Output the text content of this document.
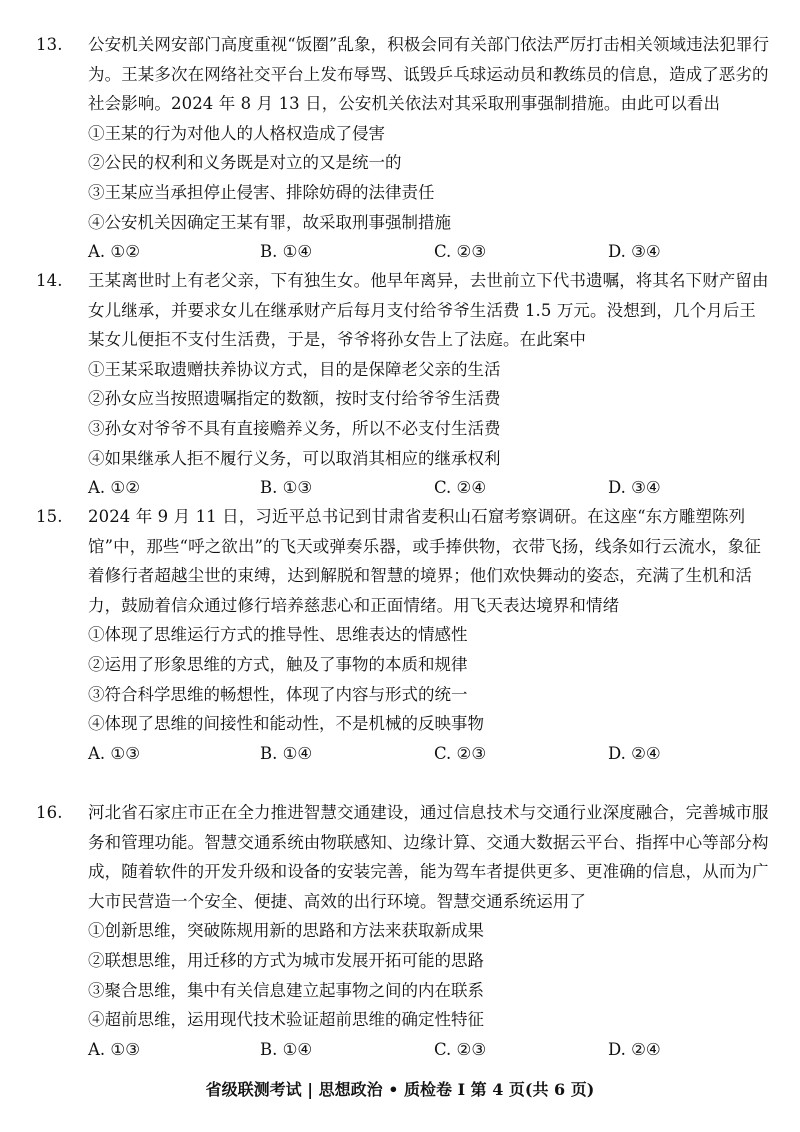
13. 公安机关网安部门高度重视“饭圈”乱象，积极会同有关部门依法严厉打击相关领域违法犯罪行为。王某多次在网络社交平台上发布辱骂、诋毁乒乓球运动员和教练员的信息，造成了恶劣的社会影响。2024 年 8 月 13 日，公安机关依法对其采取刑事强制措施。由此可以看出

①王某的行为对他人的人格权造成了侵害
②公民的权利和义务既是对立的又是统一的
③王某应当承担停止侵害、排除妨碍的法律责任
④公安机关因确定王某有罪，故采取刑事强制措施
A. ①②	B. ①④	C. ②③	D. ③④

14. 王某离世时上有老父亲，下有独生女。他早年离异，去世前立下代书遗嘱，将其名下财产留由女儿继承，并要求女儿在继承财产后每月支付给爷爷生活费 1.5 万元。没想到，几个月后王某女儿便拒不支付生活费，于是，爷爷将孙女告上了法庭。在此案中

①王某采取遗赠扶养协议方式，目的是保障老父亲的生活
②孙女应当按照遗嘱指定的数额，按时支付给爷爷生活费
③孙女对爷爷不具有直接赡养义务，所以不必支付生活费
④如果继承人拒不履行义务，可以取消其相应的继承权利
A. ①②	B. ①③	C. ②④	D. ③④

15. 2024 年 9 月 11 日，习近平总书记到甘肃省麦积山石窟考察调研。在这座“东方雕塑陈列馆”中，那些“呼之欲出”的飞天或弹奏乐器，或手捧供物，衣带飞扬，线条如行云流水，象征着修行者超越尘世的束缚，达到解脱和智慧的境界；他们欢快舞动的姿态，充满了生机和活力，鼓励着信众通过修行培养慈悲心和正面情绪。用飞天表达境界和情绪

①体现了思维运行方式的推导性、思维表达的情感性
②运用了形象思维的方式，触及了事物的本质和规律
③符合科学思维的畅想性，体现了内容与形式的统一
④体现了思维的间接性和能动性，不是机械的反映事物
A. ①③	B. ①④	C. ②③	D. ②④

16. 河北省石家庄市正在全力推进智慧交通建设，通过信息技术与交通行业深度融合，完善城市服务和管理功能。智慧交通系统由物联感知、边缘计算、交通大数据云平台、指挥中心等部分构成，随着软件的开发升级和设备的安装完善，能为驾车者提供更多、更准确的信息，从而为广大市民营造一个安全、便捷、高效的出行环境。智慧交通系统运用了

①创新思维，突破陈规用新的思路和方法来获取新成果
②联想思维，用迁移的方式为城市发展开拓可能的思路
③聚合思维，集中有关信息建立起事物之间的内在联系
④超前思维，运用现代技术验证超前思维的确定性特征
A. ①③	B. ①④	C. ②③	D. ②④
省级联测考试 | 思想政治 • 质检卷 Ⅰ 第 4 页(共 6 页)
